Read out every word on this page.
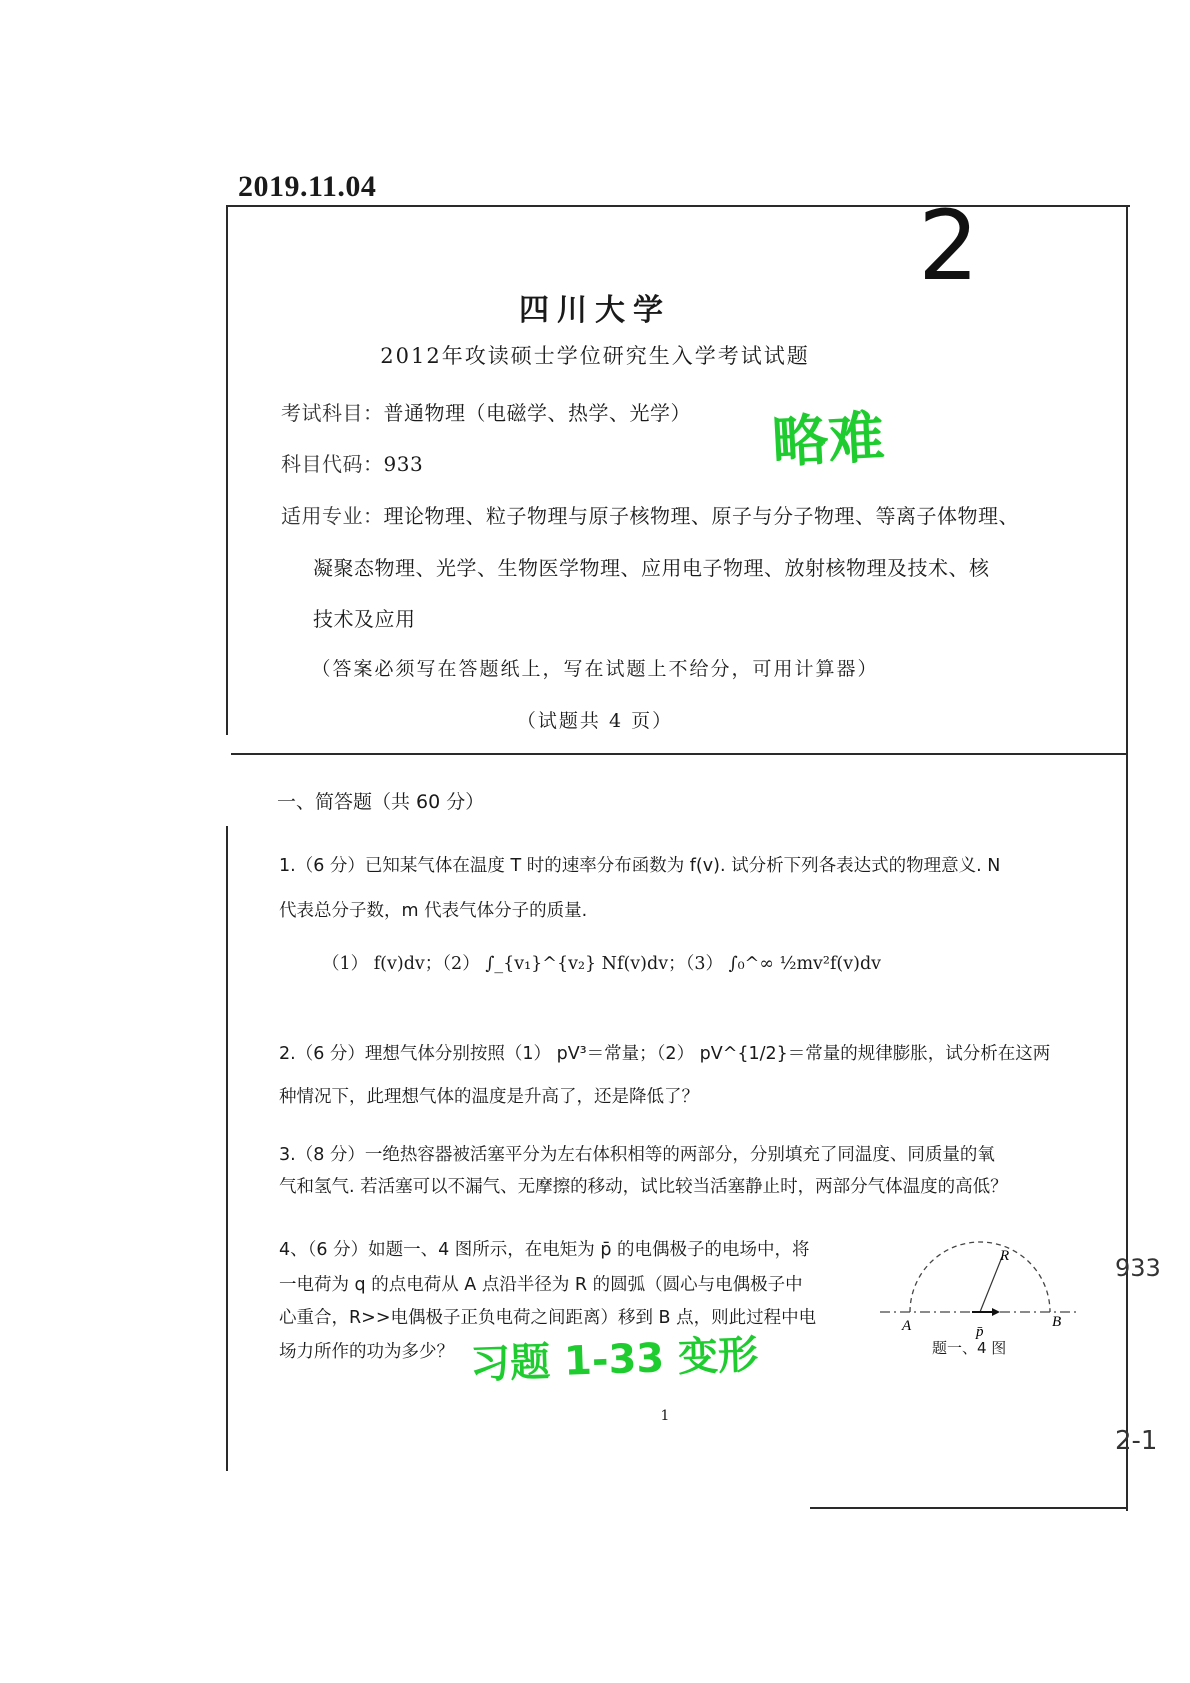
2019.11.04
2
四川大学
2012年攻读硕士学位研究生入学考试试题
考试科目：普通物理（电磁学、热学、光学） 略难
科目代码：933
适用专业：理论物理、粒子物理与原子核物理、原子与分子物理、等离子体物理、
凝聚态物理、光学、生物医学物理、应用电子物理、放射核物理及技术、核
技术及应用
（答案必须写在答题纸上，写在试题上不给分，可用计算器）
（试题共 4 页）
一、简答题（共 60 分）
1.（6 分）已知某气体在温度 T 时的速率分布函数为 f(v). 试分析下列各表达式的物理意义. N
代表总分子数，m 代表气体分子的质量.
（1） f(v)dv；（2） ∫_{v₁}^{v₂} Nf(v)dv；（3） ∫₀^∞ ½mv²f(v)dv
2.（6 分）理想气体分别按照（1） pV³＝常量；（2） pV^{1/2}＝常量的规律膨胀，试分析在这两
种情况下，此理想气体的温度是升高了，还是降低了？
3.（8 分）一绝热容器被活塞平分为左右体积相等的两部分，分别填充了同温度、同质量的氧
气和氢气. 若活塞可以不漏气、无摩擦的移动，试比较当活塞静止时，两部分气体温度的高低？
4、（6 分）如题一、4 图所示，在电矩为 p̄ 的电偶极子的电场中，将
一电荷为 q 的点电荷从 A 点沿半径为 R 的圆弧（圆心与电偶极子中
心重合，R>>电偶极子正负电荷之间距离）移到 B 点，则此过程中电
场力所作的功为多少？ 习题 1-33 变形
R
A	B
p̄
题一、4 图
933
2-1
1
